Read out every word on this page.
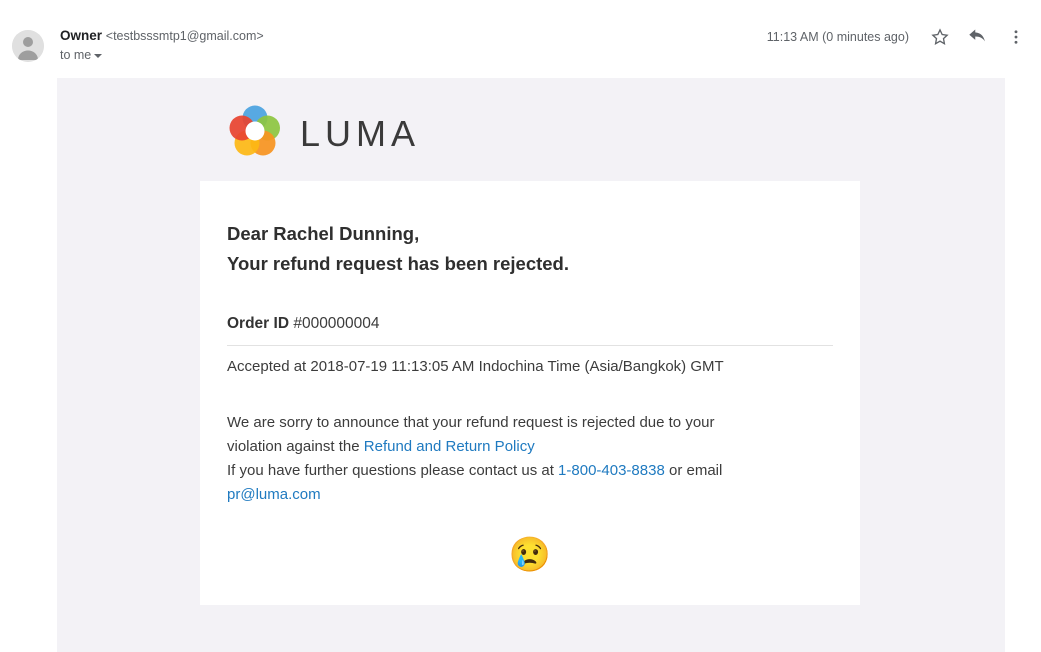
Owner <testbsssmtp1@gmail.com>
to me
11:13 AM (0 minutes ago)
LUMA
Dear Rachel Dunning,
Your refund request has been rejected.
Order ID #000000004
Accepted at 2018-07-19 11:13:05 AM Indochina Time (Asia/Bangkok) GMT
We are sorry to announce that your refund request is rejected due to your
violation against the Refund and Return Policy
If you have further questions please contact us at 1-800-403-8838 or email
pr@luma.com
😢
